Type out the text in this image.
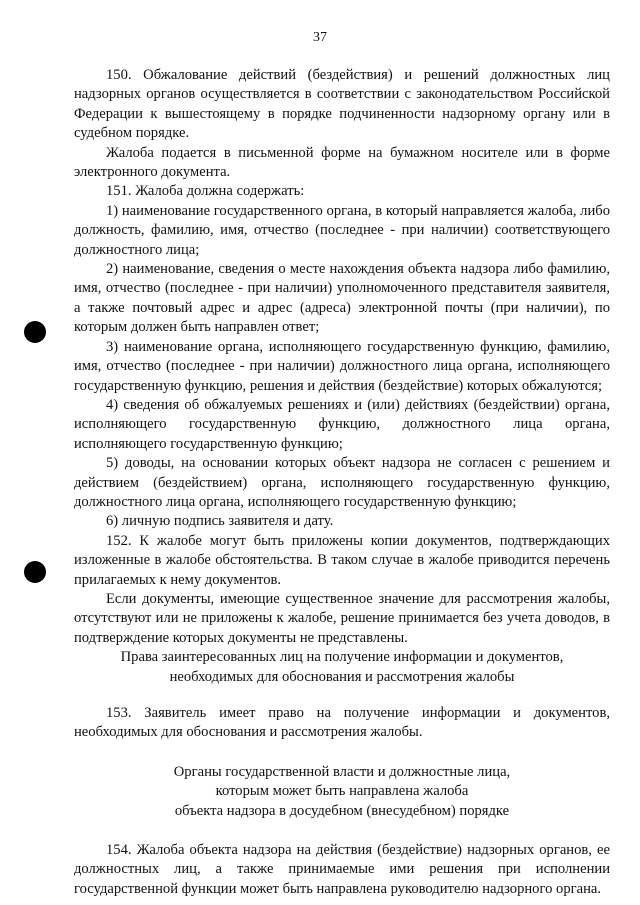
37

150. Обжалование действий (бездействия) и решений должностных лиц надзорных органов осуществляется в соответствии с законодательством Российской Федерации к вышестоящему в порядке подчиненности надзорному органу или в судебном порядке.

Жалоба подается в письменной форме на бумажном носителе или в форме электронного документа.

151. Жалоба должна содержать:

1) наименование государственного органа, в который направляется жалоба, либо должность, фамилию, имя, отчество (последнее - при наличии) соответствующего должностного лица;

2) наименование, сведения о месте нахождения объекта надзора либо фамилию, имя, отчество (последнее - при наличии) уполномоченного представителя заявителя, а также почтовый адрес и адрес (адреса) электронной почты (при наличии), по которым должен быть направлен ответ;

3) наименование органа, исполняющего государственную функцию, фамилию, имя, отчество (последнее - при наличии) должностного лица органа, исполняющего государственную функцию, решения и действия (бездействие) которых обжалуются;

4) сведения об обжалуемых решениях и (или) действиях (бездействии) органа, исполняющего государственную функцию, должностного лица органа, исполняющего государственную функцию;

5) доводы, на основании которых объект надзора не согласен с решением и действием (бездействием) органа, исполняющего государственную функцию, должностного лица органа, исполняющего государственную функцию;

6) личную подпись заявителя и дату.

152. К жалобе могут быть приложены копии документов, подтверждающих изложенные в жалобе обстоятельства. В таком случае в жалобе приводится перечень прилагаемых к нему документов.

Если документы, имеющие существенное значение для рассмотрения жалобы, отсутствуют или не приложены к жалобе, решение принимается без учета доводов, в подтверждение которых документы не представлены.

Права заинтересованных лиц на получение информации и документов,

необходимых для обоснования и рассмотрения жалобы

153. Заявитель имеет право на получение информации и документов, необходимых для обоснования и рассмотрения жалобы.

Органы государственной власти и должностные лица,

которым может быть направлена жалоба

объекта надзора в досудебном (внесудебном) порядке

154. Жалоба объекта надзора на действия (бездействие) надзорных органов, ее должностных лиц, а также принимаемые ими решения при исполнении государственной функции может быть направлена руководителю надзорного органа.
